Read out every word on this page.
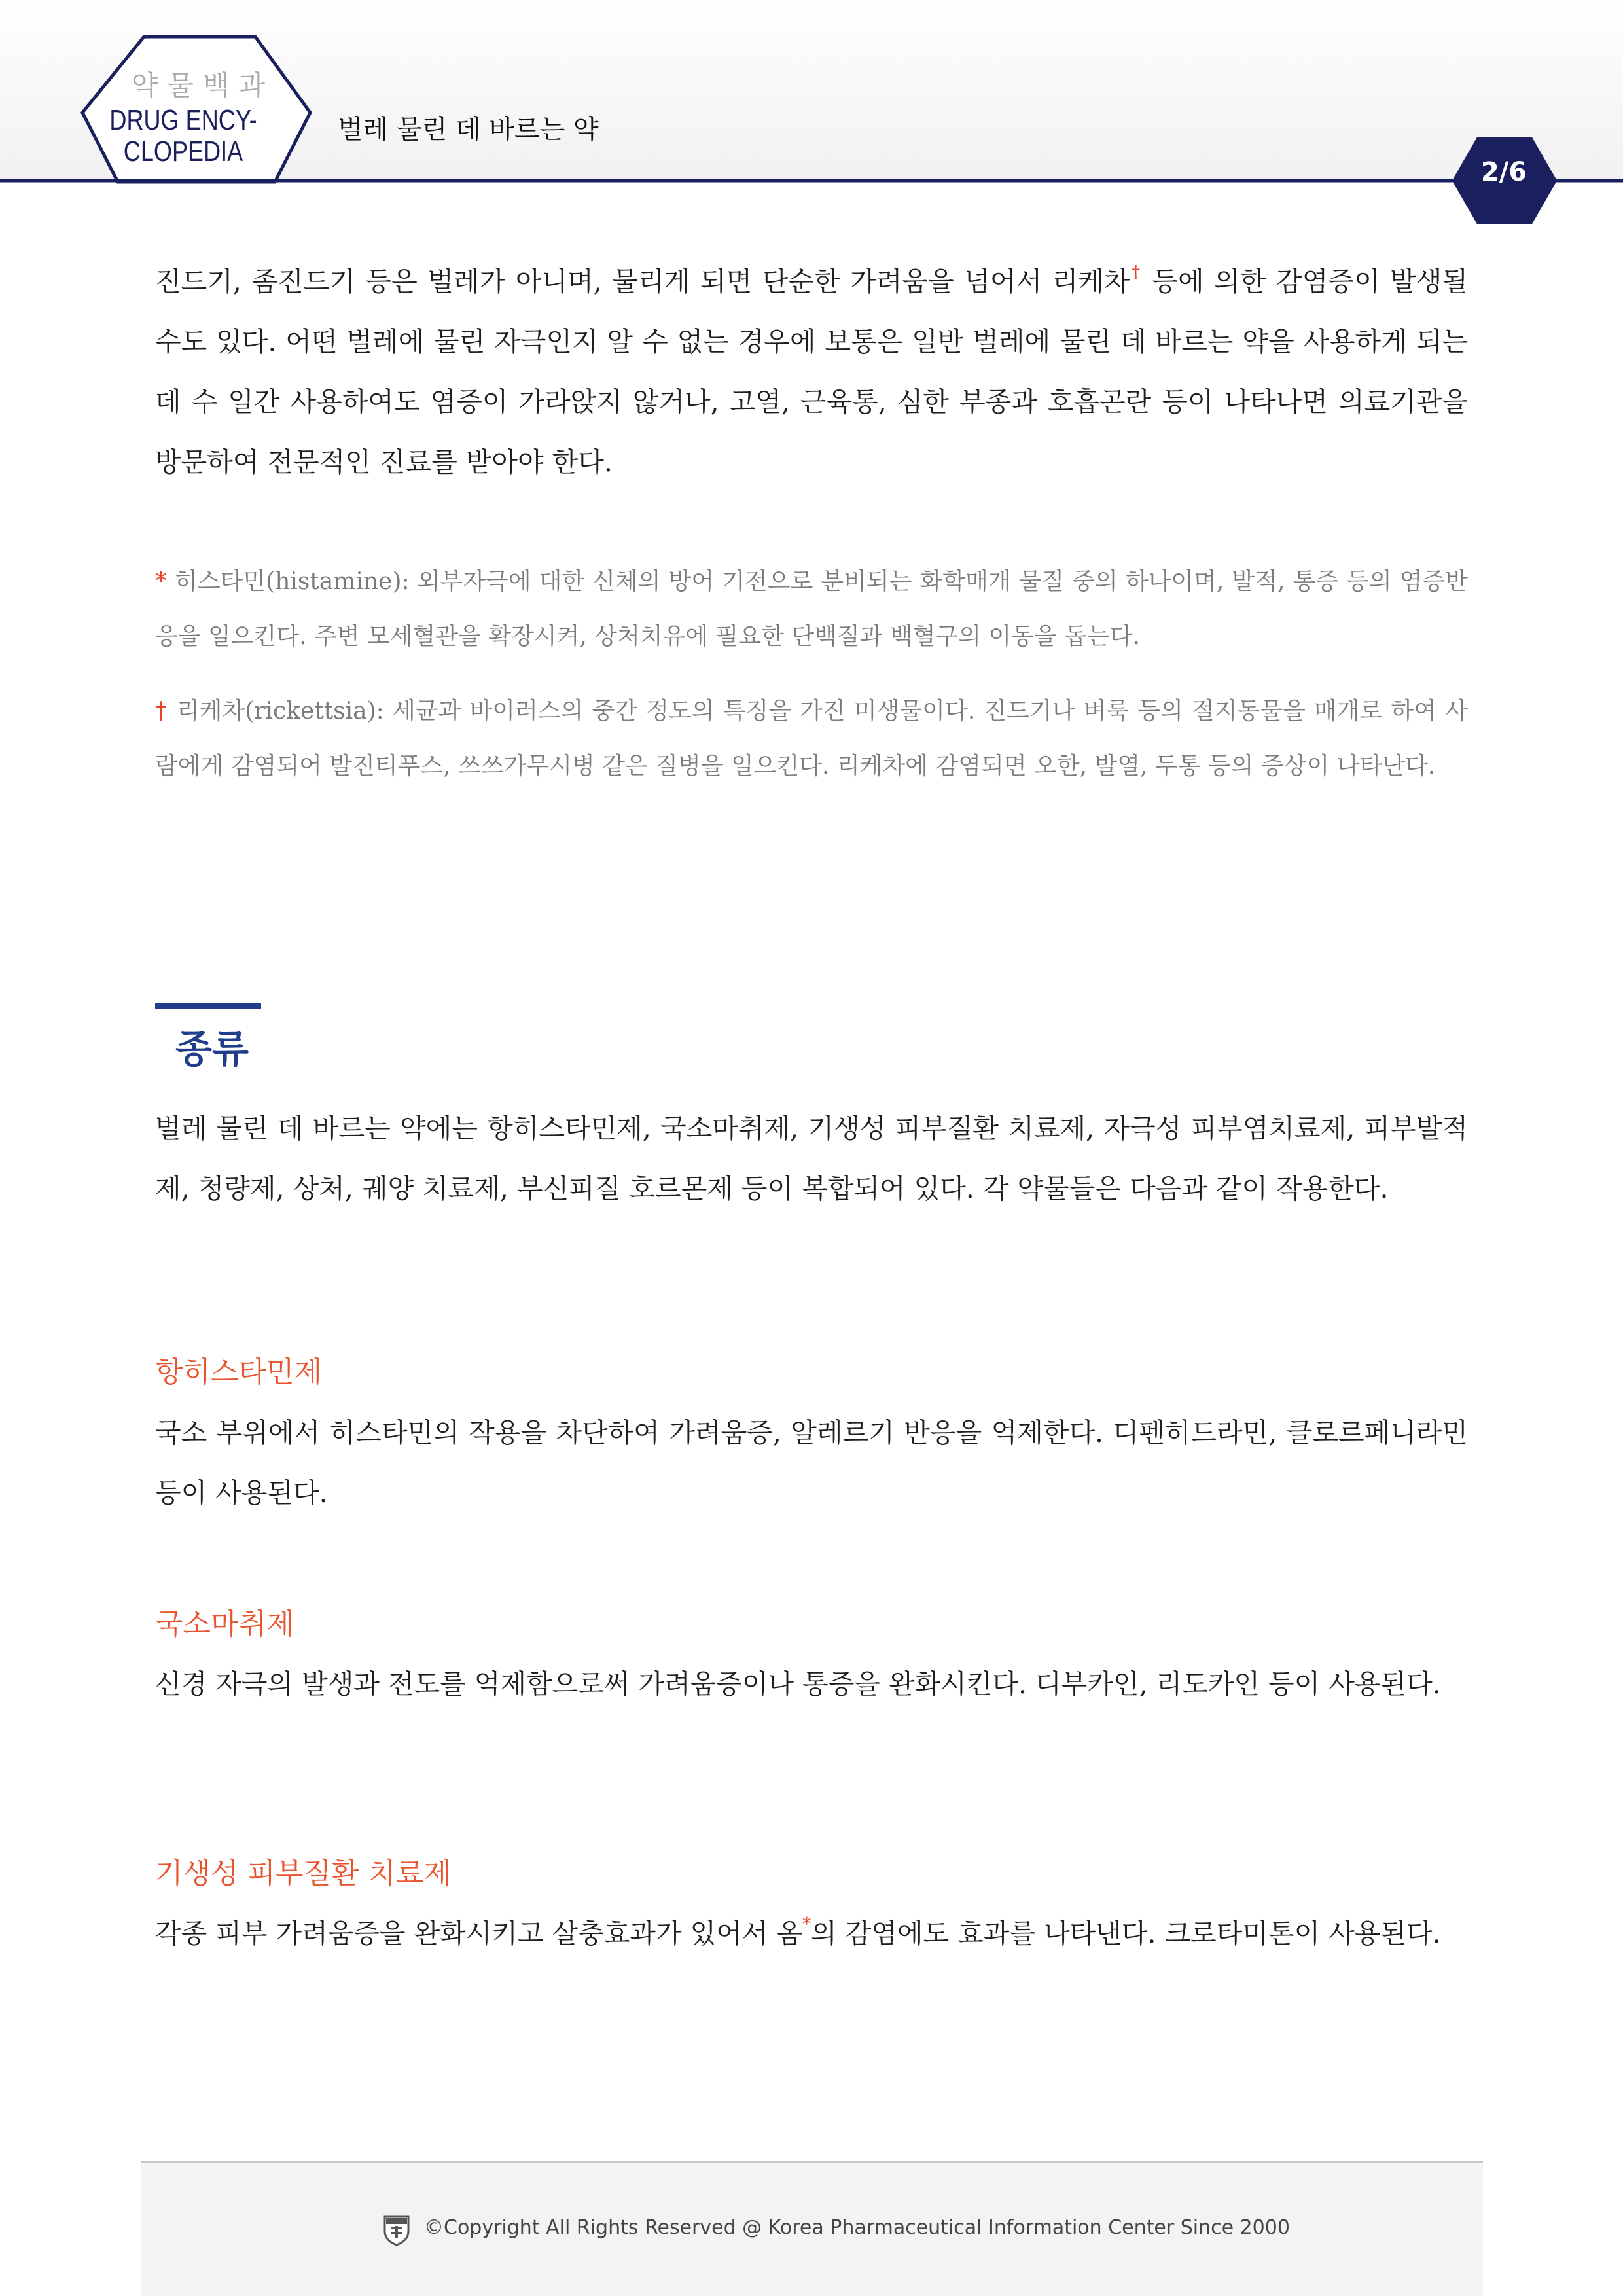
약물백과
DRUG ENCY-
CLOPEDIA
벌레 물린 데 바르는 약
2/6
진드기, 좀진드기 등은 벌레가 아니며, 물리게 되면 단순한 가려움을 넘어서 리케차† 등에 의한 감염증이 발생될 수도 있다. 어떤 벌레에 물린 자극인지 알 수 없는 경우에 보통은 일반 벌레에 물린 데 바르는 약을 사용하게 되는데 수 일간 사용하여도 염증이 가라앉지 않거나, 고열, 근육통, 심한 부종과 호흡곤란 등이 나타나면 의료기관을 방문하여 전문적인 진료를 받아야 한다.
* 히스타민(histamine): 외부자극에 대한 신체의 방어 기전으로 분비되는 화학매개 물질 중의 하나이며, 발적, 통증 등의 염증반응을 일으킨다. 주변 모세혈관을 확장시켜, 상처치유에 필요한 단백질과 백혈구의 이동을 돕는다.
† 리케차(rickettsia): 세균과 바이러스의 중간 정도의 특징을 가진 미생물이다. 진드기나 벼룩 등의 절지동물을 매개로 하여 사람에게 감염되어 발진티푸스, 쓰쓰가무시병 같은 질병을 일으킨다. 리케차에 감염되면 오한, 발열, 두통 등의 증상이 나타난다.
종류
벌레 물린 데 바르는 약에는 항히스타민제, 국소마취제, 기생성 피부질환 치료제, 자극성 피부염치료제, 피부발적제, 청량제, 상처, 궤양 치료제, 부신피질 호르몬제 등이 복합되어 있다. 각 약물들은 다음과 같이 작용한다.
항히스타민제
국소 부위에서 히스타민의 작용을 차단하여 가려움증, 알레르기 반응을 억제한다. 디펜히드라민, 클로르페니라민 등이 사용된다.
국소마취제
신경 자극의 발생과 전도를 억제함으로써 가려움증이나 통증을 완화시킨다. 디부카인, 리도카인 등이 사용된다.
기생성 피부질환 치료제
각종 피부 가려움증을 완화시키고 살충효과가 있어서 옴*의 감염에도 효과를 나타낸다. 크로타미톤이 사용된다.
©Copyright All Rights Reserved @ Korea Pharmaceutical Information Center Since 2000
